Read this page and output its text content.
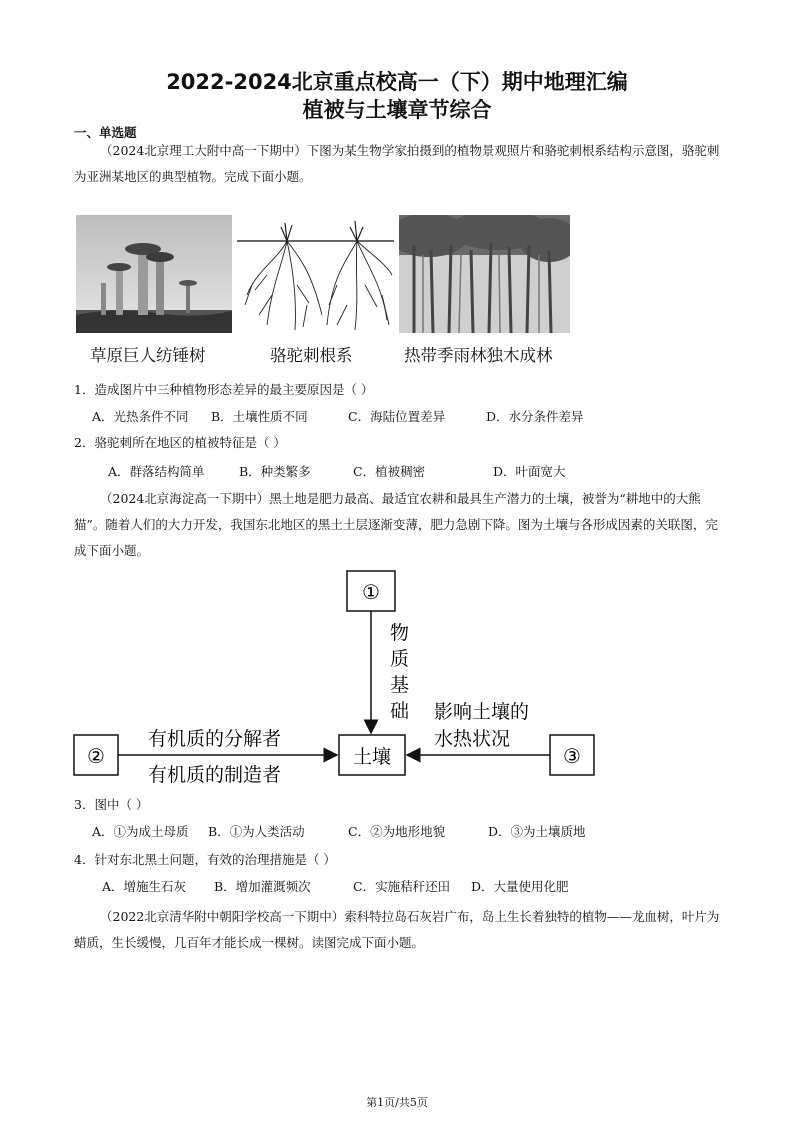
2022-2024北京重点校高一（下）期中地理汇编
植被与土壤章节综合
一、单选题
（2024北京理工大附中高一下期中）下图为某生物学家拍摄到的植物景观照片和骆驼刺根系结构示意图，骆驼刺为亚洲某地区的典型植物。完成下面小题。
草原巨人纺锤树	骆驼刺根系	热带季雨林独木成林
1．造成图片中三种植物形态差异的最主要原因是（ ）
A．光热条件不同 B．土壤性质不同	C．海陆位置差异	D．水分条件差异
2．骆驼刺所在地区的植被特征是（ ）
A．群落结构简单	B．种类繁多	C．植被稠密	D．叶面宽大
（2024北京海淀高一下期中）黑土地是肥力最高、最适宜农耕和最具生产潜力的土壤，被誉为“耕地中的大熊猫”。随着人们的大力开发，我国东北地区的黑土土层逐渐变薄，肥力急剧下降。图为土壤与各形成因素的关联图，完成下面小题。
①
②	③
土壤
物
质
基
础
有机质的分解者
有机质的制造者
影响土壤的
水热状况
3．图中（ ）
A．①为成土母质 B．①为人类活动	C．②为地形地貌	D．③为土壤质地
4．针对东北黑土问题，有效的治理措施是（ ）
A．增施生石灰 B．增加灌溉频次	C．实施秸秆还田 D．大量使用化肥
（2022北京清华附中朝阳学校高一下期中）索科特拉岛石灰岩广布，岛上生长着独特的植物——龙血树，叶片为蜡质，生长缓慢，几百年才能长成一棵树。读图完成下面小题。
第1页/共5页
